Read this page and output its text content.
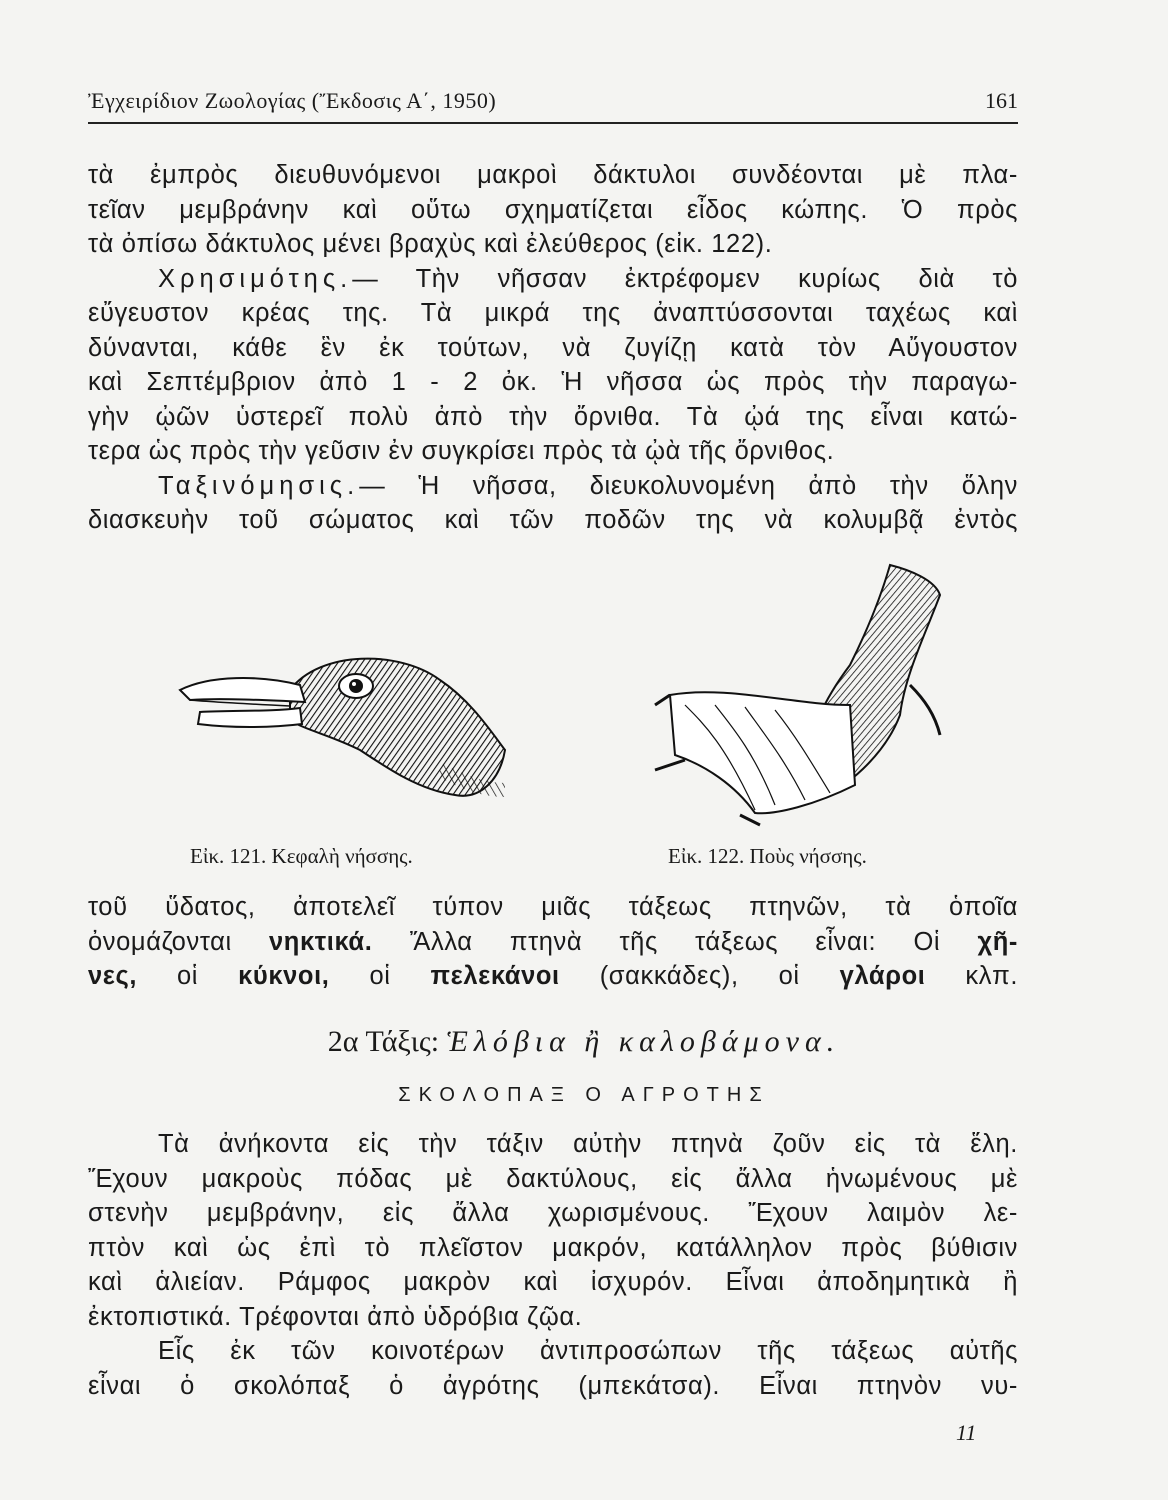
Ἐγχειρίδιον Ζωολογίας (Ἔκδοσις Α΄, 1950)	161
τὰ ἐμπρὸς διευθυνόμενοι μακροὶ δάκτυλοι συνδέονται μὲ πλα-
τεῖαν μεμβράνην καὶ οὕτω σχηματίζεται εἶδος κώπης. Ὁ πρὸς
τὰ ὀπίσω δάκτυλος μένει βραχὺς καὶ ἐλεύθερος (εἰκ. 122).
Χρησιμότης.— Τὴν νῆσσαν ἐκτρέφομεν κυρίως διὰ τὸ
εὔγευστον κρέας της. Τὰ μικρά της ἀναπτύσσονται ταχέως καὶ
δύνανται, κάθε ἓν ἐκ τούτων, νὰ ζυγίζῃ κατὰ τὸν Αὔγουστον
καὶ Σεπτέμβριον ἀπὸ 1 - 2 ὀκ. Ἡ νῆσσα ὡς πρὸς τὴν παραγω-
γὴν ᾠῶν ὑστερεῖ πολὺ ἀπὸ τὴν ὄρνιθα. Τὰ ᾠά της εἶναι κατώ-
τερα ὡς πρὸς τὴν γεῦσιν ἐν συγκρίσει πρὸς τὰ ᾠὰ τῆς ὄρνιθος.
Ταξινόμησις.— Ἡ νῆσσα, διευκολυνομένη ἀπὸ τὴν ὅλην
διασκευὴν τοῦ σώματος καὶ τῶν ποδῶν της νὰ κολυμβᾷ ἐντὸς
Εἰκ. 121. Κεφαλὴ νήσσης.	Εἰκ. 122. Ποὺς νήσσης.
τοῦ ὕδατος, ἀποτελεῖ τύπον μιᾶς τάξεως πτηνῶν, τὰ ὁποῖα
ὀνομάζονται νηκτικά. Ἄλλα πτηνὰ τῆς τάξεως εἶναι: Οἱ χῆ-
νες, οἱ κύκνοι, οἱ πελεκάνοι (σακκάδες), οἱ γλάροι κλπ.
2α Τάξις: Ἑλόβια ἢ καλοβάμονα.
ΣΚΟΛΟΠΑΞ Ο ΑΓΡΟΤΗΣ
Τὰ ἀνήκοντα εἰς τὴν τάξιν αὐτὴν πτηνὰ ζοῦν εἰς τὰ ἕλη.
Ἔχουν μακροὺς πόδας μὲ δακτύλους, εἰς ἄλλα ἡνωμένους μὲ
στενὴν μεμβράνην, εἰς ἄλλα χωρισμένους. Ἔχουν λαιμὸν λε-
πτὸν καὶ ὡς ἐπὶ τὸ πλεῖστον μακρόν, κατάλληλον πρὸς βύθισιν
καὶ ἁλιείαν. Ράμφος μακρὸν καὶ ἰσχυρόν. Εἶναι ἀποδημητικὰ ἢ
ἐκτοπιστικά. Τρέφονται ἀπὸ ὑδρόβια ζῷα.
Εἷς ἐκ τῶν κοινοτέρων ἀντιπροσώπων τῆς τάξεως αὐτῆς
εἶναι ὁ σκολόπαξ ὁ ἀγρότης (μπεκάτσα). Εἶναι πτηνὸν νυ-
11
